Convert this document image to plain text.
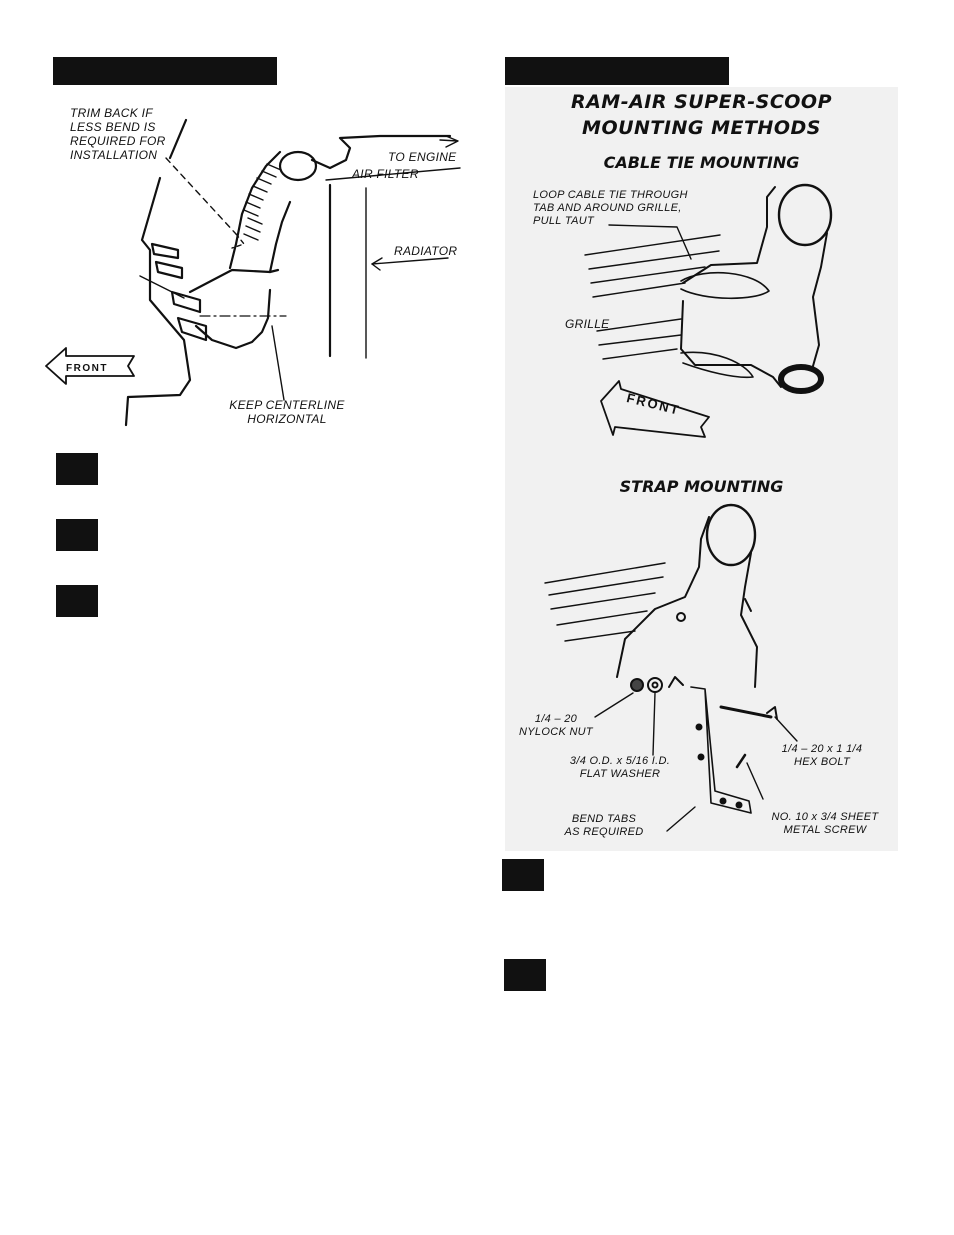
FRONT
TRIM BACK IF
LESS BEND IS
REQUIRED FOR
INSTALLATION	TO ENGINE
AIR FILTER
RADIATOR
KEEP CENTERLINE
HORIZONTAL
FRONT
RAM-AIR SUPER-SCOOP
MOUNTING METHODS
CABLE TIE MOUNTING
LOOP CABLE TIE THROUGH
TAB AND AROUND GRILLE,
PULL TAUT
GRILLE
STRAP MOUNTING
1/4 – 20
NYLOCK NUT
3/4 O.D. x 5/16 I.D.
FLAT WASHER
1/4 – 20 x 1 1/4
HEX BOLT
BEND TABS
AS REQUIRED
NO. 10 x 3/4 SHEET
METAL SCREW
